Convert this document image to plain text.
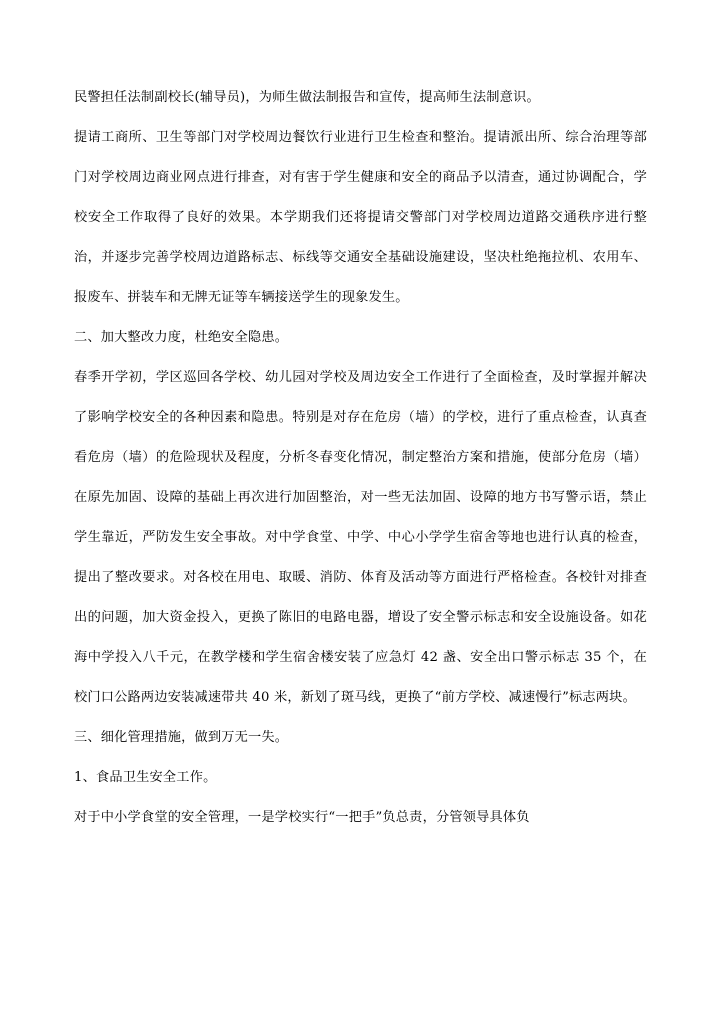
民警担任法制副校长(辅导员)，为师生做法制报告和宣传，提高师生法制意识。

提请工商所、卫生等部门对学校周边餐饮行业进行卫生检查和整治。提请派出所、综合治理等部门对学校周边商业网点进行排查，对有害于学生健康和安全的商品予以清查，通过协调配合，学校安全工作取得了良好的效果。本学期我们还将提请交警部门对学校周边道路交通秩序进行整治，并逐步完善学校周边道路标志、标线等交通安全基础设施建设，坚决杜绝拖拉机、农用车、报废车、拼装车和无牌无证等车辆接送学生的现象发生。

二、加大整改力度，杜绝安全隐患。

春季开学初，学区巡回各学校、幼儿园对学校及周边安全工作进行了全面检查，及时掌握并解决了影响学校安全的各种因素和隐患。特别是对存在危房（墙）的学校，进行了重点检查，认真查看危房（墙）的危险现状及程度，分析冬春变化情况，制定整治方案和措施，使部分危房（墙）在原先加固、设障的基础上再次进行加固整治，对一些无法加固、设障的地方书写警示语，禁止学生靠近，严防发生安全事故。对中学食堂、中学、中心小学学生宿舍等地也进行认真的检查，提出了整改要求。对各校在用电、取暖、消防、体育及活动等方面进行严格检查。各校针对排查出的问题，加大资金投入，更换了陈旧的电路电器，增设了安全警示标志和安全设施设备。如花海中学投入八千元，在教学楼和学生宿舍楼安装了应急灯 42 盏、安全出口警示标志 35 个，在校门口公路两边安装减速带共 40 米，新划了斑马线，更换了“前方学校、减速慢行”标志两块。

三、细化管理措施，做到万无一失。

1、食品卫生安全工作。

对于中小学食堂的安全管理，一是学校实行“一把手”负总责，分管领导具体负
